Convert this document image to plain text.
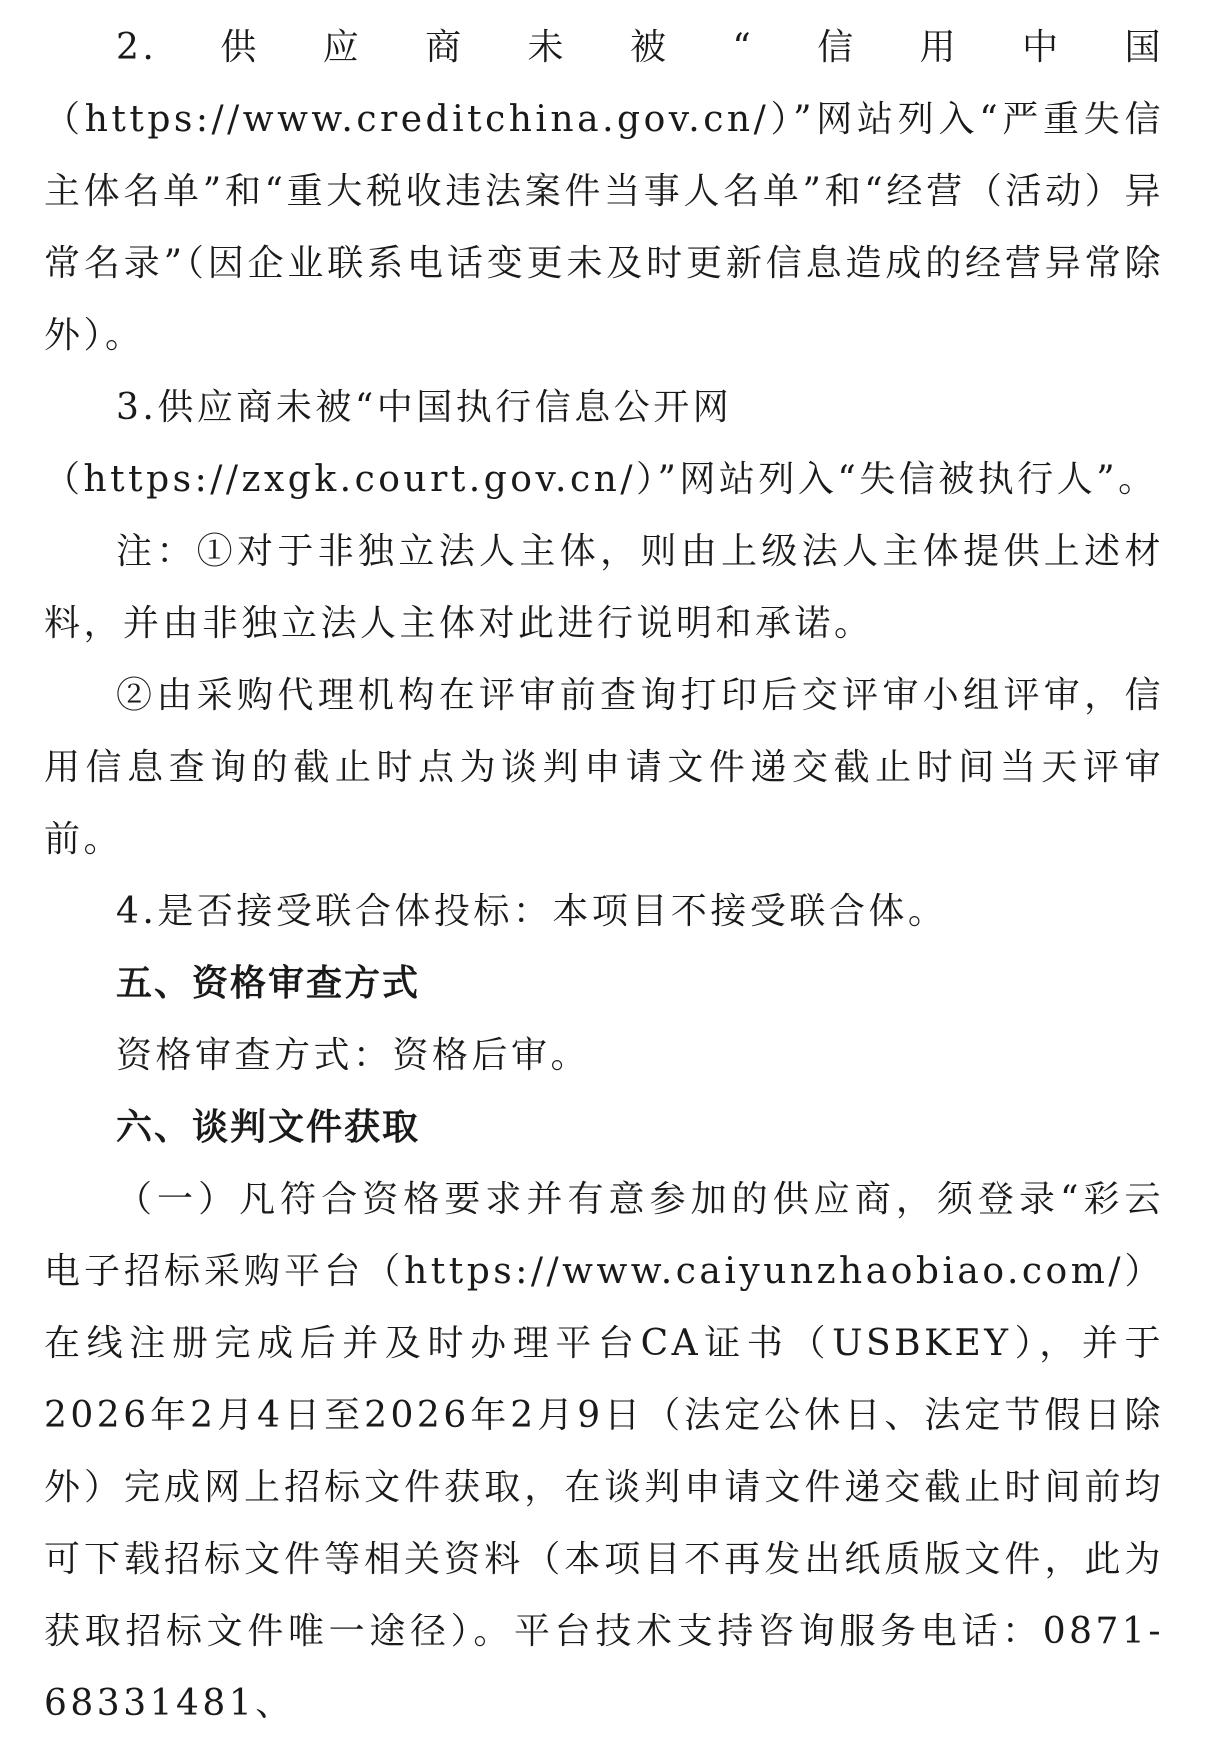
2.供应商未被“信用中国（https://www.creditchina.gov.cn/）”网站列入“严重失信主体名单”和“重大税收违法案件当事人名单”和“经营（活动）异常名录”（因企业联系电话变更未及时更新信息造成的经营异常除外）。

3.供应商未被“中国执行信息公开网

（https://zxgk.court.gov.cn/）”网站列入“失信被执行人”。

注：①对于非独立法人主体，则由上级法人主体提供上述材料，并由非独立法人主体对此进行说明和承诺。

②由采购代理机构在评审前查询打印后交评审小组评审，信用信息查询的截止时点为谈判申请文件递交截止时间当天评审前。

4.是否接受联合体投标：本项目不接受联合体。

五、资格审查方式

资格审查方式：资格后审。

六、谈判文件获取

（一）凡符合资格要求并有意参加的供应商，须登录“彩云电子招标采购平台（https://www.caiyunzhaobiao.com/）在线注册完成后并及时办理平台CA证书（USBKEY），并于2026年2月4日至2026年2月9日（法定公休日、法定节假日除外）完成网上招标文件获取，在谈判申请文件递交截止时间前均可下载招标文件等相关资料（本项目不再发出纸质版文件，此为获取招标文件唯一途径）。平台技术支持咨询服务电话：0871-68331481、
